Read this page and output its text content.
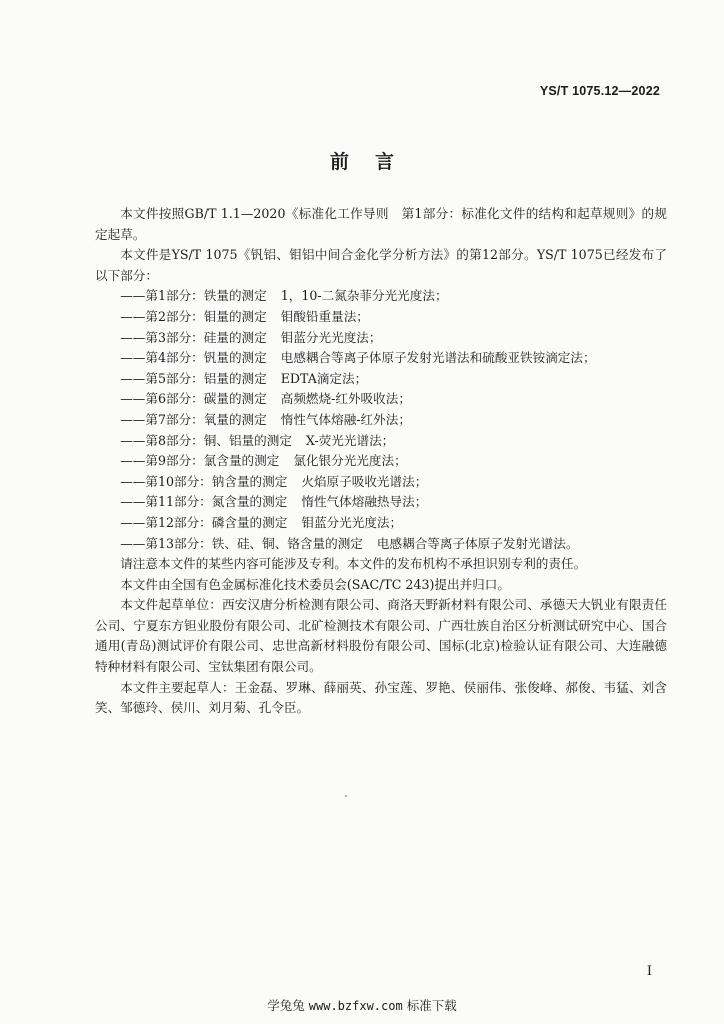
YS/T 1075.12—2022
前言
本文件按照GB/T 1.1—2020《标准化工作导则　第1部分：标准化文件的结构和起草规则》的规定起草。
本文件是YS/T 1075《钒铝、钼铝中间合金化学分析方法》的第12部分。YS/T 1075已经发布了以下部分：
——第1部分：铁量的测定 1，10-二氮杂菲分光光度法；
——第2部分：钼量的测定 钼酸铅重量法；
——第3部分：硅量的测定 钼蓝分光光度法；
——第4部分：钒量的测定 电感耦合等离子体原子发射光谱法和硫酸亚铁铵滴定法；
——第5部分：铝量的测定 EDTA滴定法；
——第6部分：碳量的测定 高频燃烧-红外吸收法；
——第7部分：氧量的测定 惰性气体熔融-红外法；
——第8部分：铜、铝量的测定 X-荧光光谱法；
——第9部分：氯含量的测定 氯化银分光光度法；
——第10部分：钠含量的测定 火焰原子吸收光谱法；
——第11部分：氮含量的测定 惰性气体熔融热导法；
——第12部分：磷含量的测定 钼蓝分光光度法；
——第13部分：铁、硅、铜、铬含量的测定 电感耦合等离子体原子发射光谱法。
请注意本文件的某些内容可能涉及专利。本文件的发布机构不承担识别专利的责任。
本文件由全国有色金属标准化技术委员会(SAC/TC 243)提出并归口。
本文件起草单位：西安汉唐分析检测有限公司、商洛天野新材料有限公司、承德天大钒业有限责任公司、宁夏东方钽业股份有限公司、北矿检测技术有限公司、广西壮族自治区分析测试研究中心、国合通用(青岛)测试评价有限公司、忠世高新材料股份有限公司、国标(北京)检验认证有限公司、大连融德特种材料有限公司、宝钛集团有限公司。
本文件主要起草人：王金磊、罗琳、薛丽英、孙宝莲、罗艳、侯丽伟、张俊峰、郝俊、韦猛、刘含笑、邹德玲、侯川、刘月菊、孔令臣。
I
学兔兔 www.bzfxw.com 标准下载
